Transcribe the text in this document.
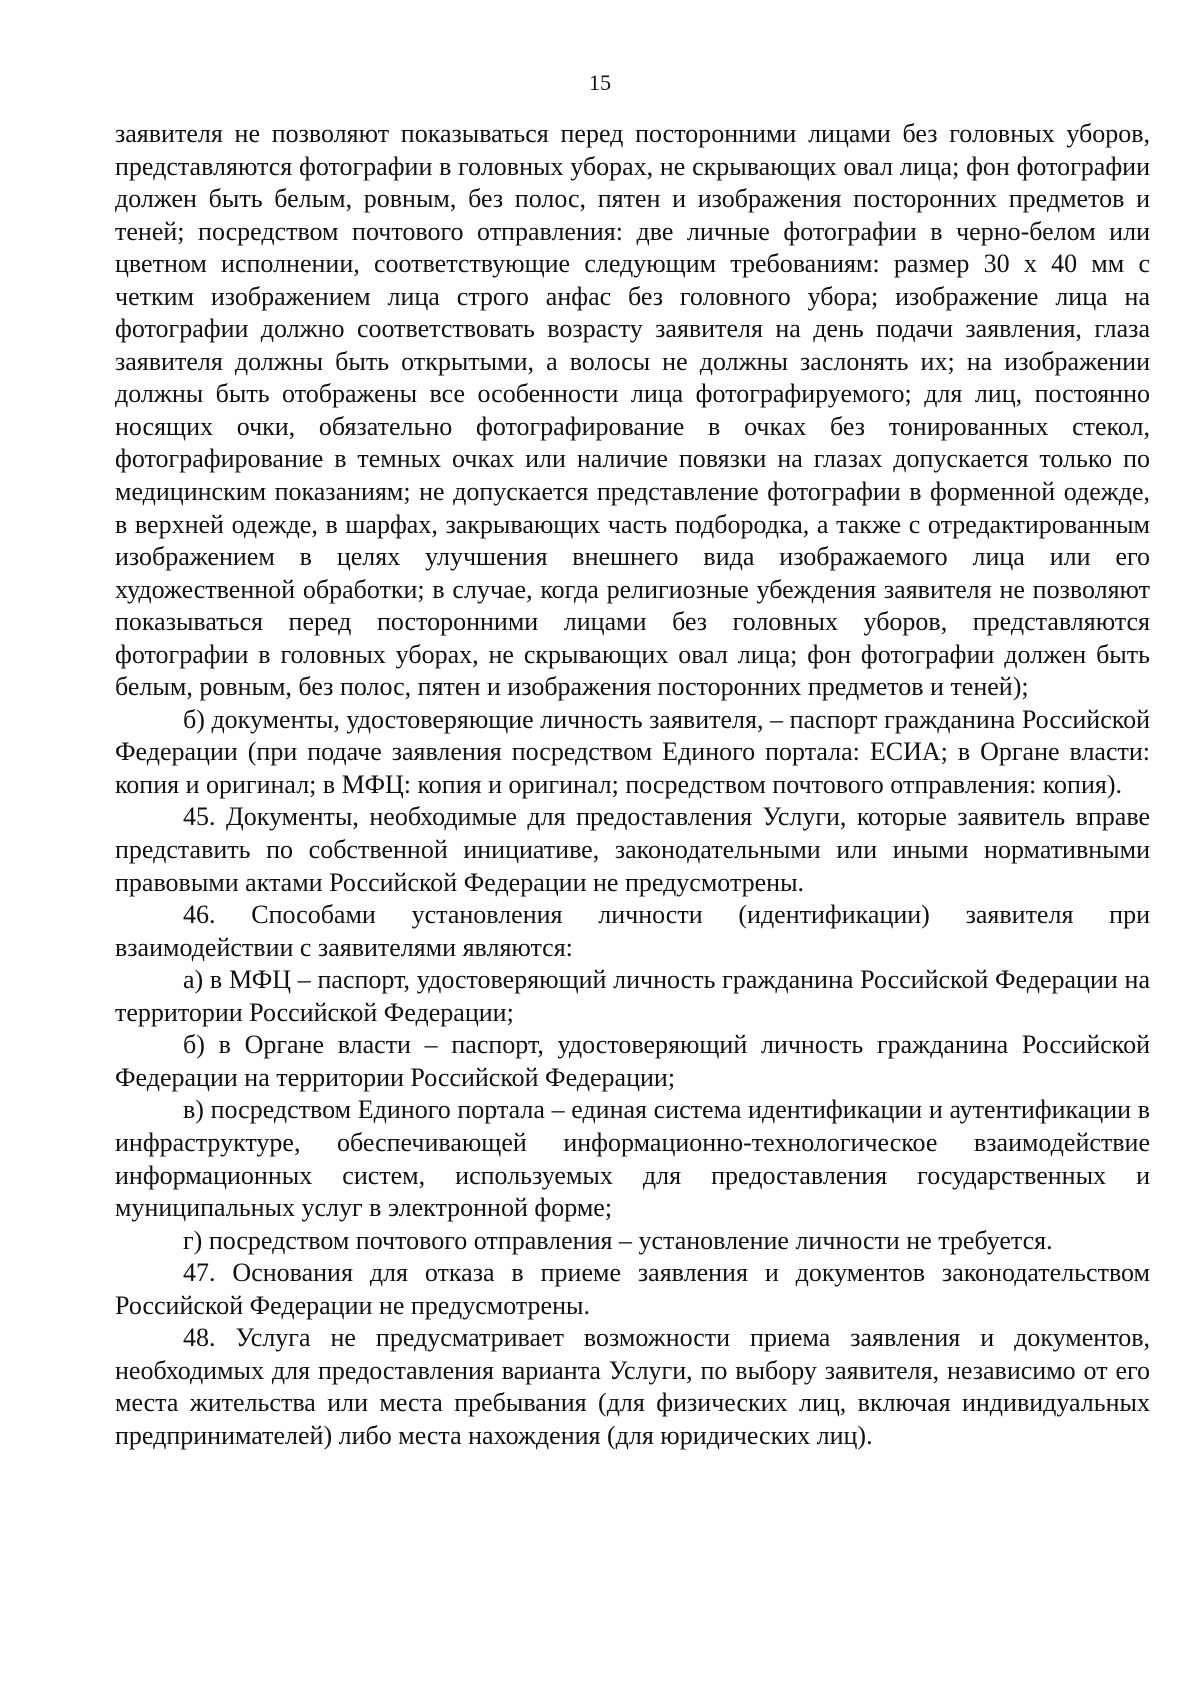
15

заявителя не позволяют показываться перед посторонними лицами без головных уборов, представляются фотографии в головных уборах, не скрывающих овал лица; фон фотографии должен быть белым, ровным, без полос, пятен и изображения посторонних предметов и теней; посредством почтового отправления: две личные фотографии в черно-белом или цветном исполнении, соответствующие следующим требованиям: размер 30 х 40 мм с четким изображением лица строго анфас без головного убора; изображение лица на фотографии должно соответствовать возрасту заявителя на день подачи заявления, глаза заявителя должны быть открытыми, а волосы не должны заслонять их; на изображении должны быть отображены все особенности лица фотографируемого; для лиц, постоянно носящих очки, обязательно фотографирование в очках без тонированных стекол, фотографирование в темных очках или наличие повязки на глазах допускается только по медицинским показаниям; не допускается представление фотографии в форменной одежде, в верхней одежде, в шарфах, закрывающих часть подбородка, а также с отредактированным изображением в целях улучшения внешнего вида изображаемого лица или его художественной обработки; в случае, когда религиозные убеждения заявителя не позволяют показываться перед посторонними лицами без головных уборов, представляются фотографии в головных уборах, не скрывающих овал лица; фон фотографии должен быть белым, ровным, без полос, пятен и изображения посторонних предметов и теней);

б) документы, удостоверяющие личность заявителя, – паспорт гражданина Российской Федерации (при подаче заявления посредством Единого портала: ЕСИА; в Органе власти: копия и оригинал; в МФЦ: копия и оригинал; посредством почтового отправления: копия).

45. Документы, необходимые для предоставления Услуги, которые заявитель вправе представить по собственной инициативе, законодательными или иными нормативными правовыми актами Российской Федерации не предусмотрены.

46. Способами установления личности (идентификации) заявителя при взаимодействии с заявителями являются:

а) в МФЦ – паспорт, удостоверяющий личность гражданина Российской Федерации на территории Российской Федерации;

б) в Органе власти – паспорт, удостоверяющий личность гражданина Российской Федерации на территории Российской Федерации;

в) посредством Единого портала – единая система идентификации и аутентификации в инфраструктуре, обеспечивающей информационно-технологическое взаимодействие информационных систем, используемых для предоставления государственных и муниципальных услуг в электронной форме;

г) посредством почтового отправления – установление личности не требуется.

47. Основания для отказа в приеме заявления и документов законодательством Российской Федерации не предусмотрены.

48. Услуга не предусматривает возможности приема заявления и документов, необходимых для предоставления варианта Услуги, по выбору заявителя, независимо от его места жительства или места пребывания (для физических лиц, включая индивидуальных предпринимателей) либо места нахождения (для юридических лиц).
